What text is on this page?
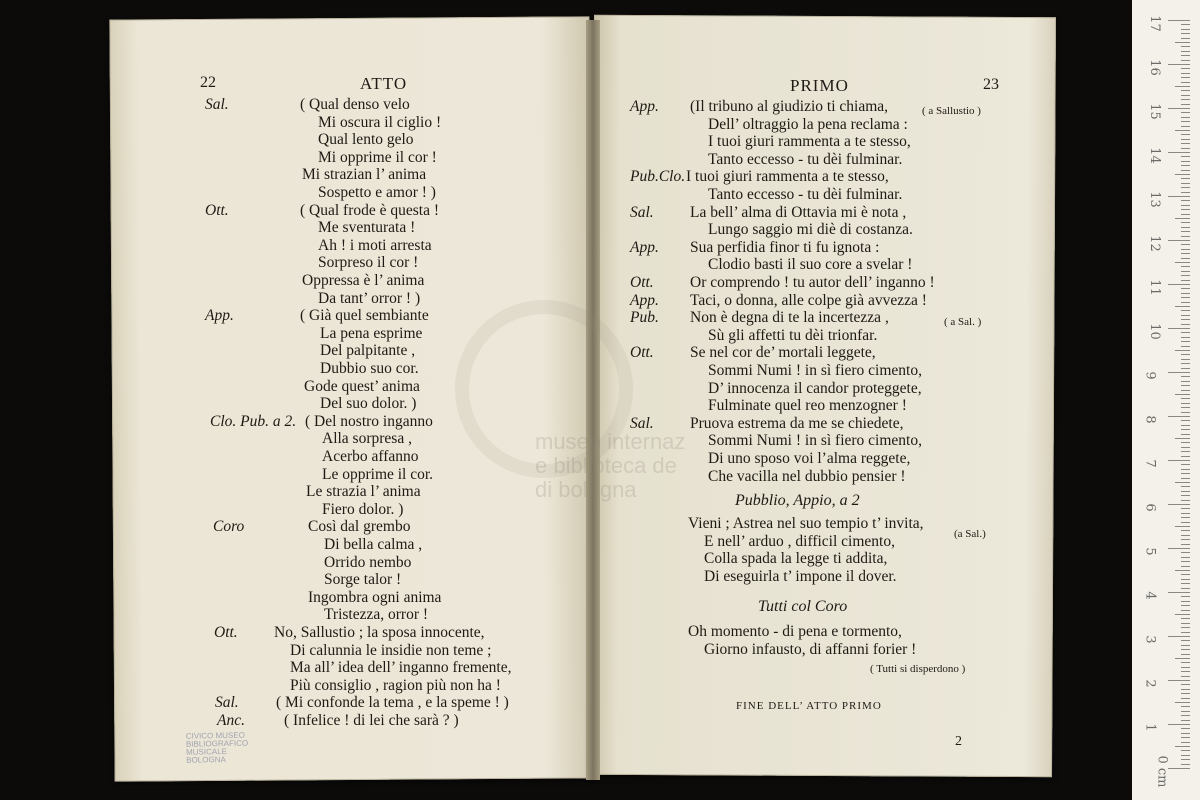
museo internaz
e biblioteca de
di bologna
22	ATTO	PRIMO	23
Sal.	( Qual denso velo
Mi oscura il ciglio !
Qual lento gelo
Mi opprime il cor !
Mi strazian l’ anima
Sospetto e amor ! )
Ott.	( Qual frode è questa !
Me sventurata !
Ah ! i moti arresta
Sorpreso il cor !
Oppressa è l’ anima
Da tant’ orror ! )
App.	( Già quel sembiante
La pena esprime
Del palpitante ,
Dubbio suo cor.
Gode quest’ anima
Del suo dolor. )
Clo. Pub. a 2. ( Del nostro inganno
Alla sorpresa ,
Acerbo affanno
Le opprime il cor.
Le strazia l’ anima
Fiero dolor. )
Coro	Così dal grembo
Di bella calma ,
Orrido nembo
Sorge talor !
Ingombra ogni anima
Tristezza, orror !
Ott. No, Sallustio ; la sposa innocente,
Di calunnia le insidie non teme ;
Ma all’ idea dell’ inganno fremente,
Più consiglio , ragion più non ha !
Sal. ( Mi confonde la tema , e la speme ! )
Anc.	( Infelice ! di lei che sarà ? )
App. (Il tribuno al giudizio ti chiama,	( a Sallustio )
Dell’ oltraggio la pena reclama :
I tuoi giuri rammenta a te stesso,
Tanto eccesso - tu dèi fulminar.
Pub.Clo. I tuoi giuri rammenta a te stesso,
Tanto eccesso - tu dèi fulminar.
Sal. La bell’ alma di Ottavia mi è nota ,
Lungo saggio mi diè di costanza.
App. Sua perfidia finor ti fu ignota :
Clodio basti il suo core a svelar !
Ott. Or comprendo ! tu autor dell’ inganno !
App. Taci, o donna, alle colpe già avvezza !
Pub. Non è degna di te la incertezza ,	( a Sal. )
Sù gli affetti tu dèi trionfar.
Ott. Se nel cor de’ mortali leggete,
Sommi Numi ! in sì fiero cimento,
D’ innocenza il candor proteggete,
Fulminate quel reo menzogner !
Sal. Pruova estrema da me se chiedete,
Sommi Numi ! in sì fiero cimento,
Di uno sposo voi l’alma reggete,
Che vacilla nel dubbio pensier !
Vieni ; Astrea nel suo tempio t’ invita,
E nell’ arduo , difficil cimento,
Colla spada la legge ti addita,
Di eseguirla t’ impone il dover.
Oh momento - di pena e tormento,
Giorno infausto, di affanni forier !
Pubblio, Appio, a 2
Tutti col Coro
(a Sal.)
( Tutti si disperdono )
FINE DELL’ ATTO PRIMO
2
CIVICO MUSEO
BIBLIOGRAFICO MUSICALE
BOLOGNA
17
16
15
14
13
12
11
10
9
8
7
6
5
4
3
2
1
0 cm
